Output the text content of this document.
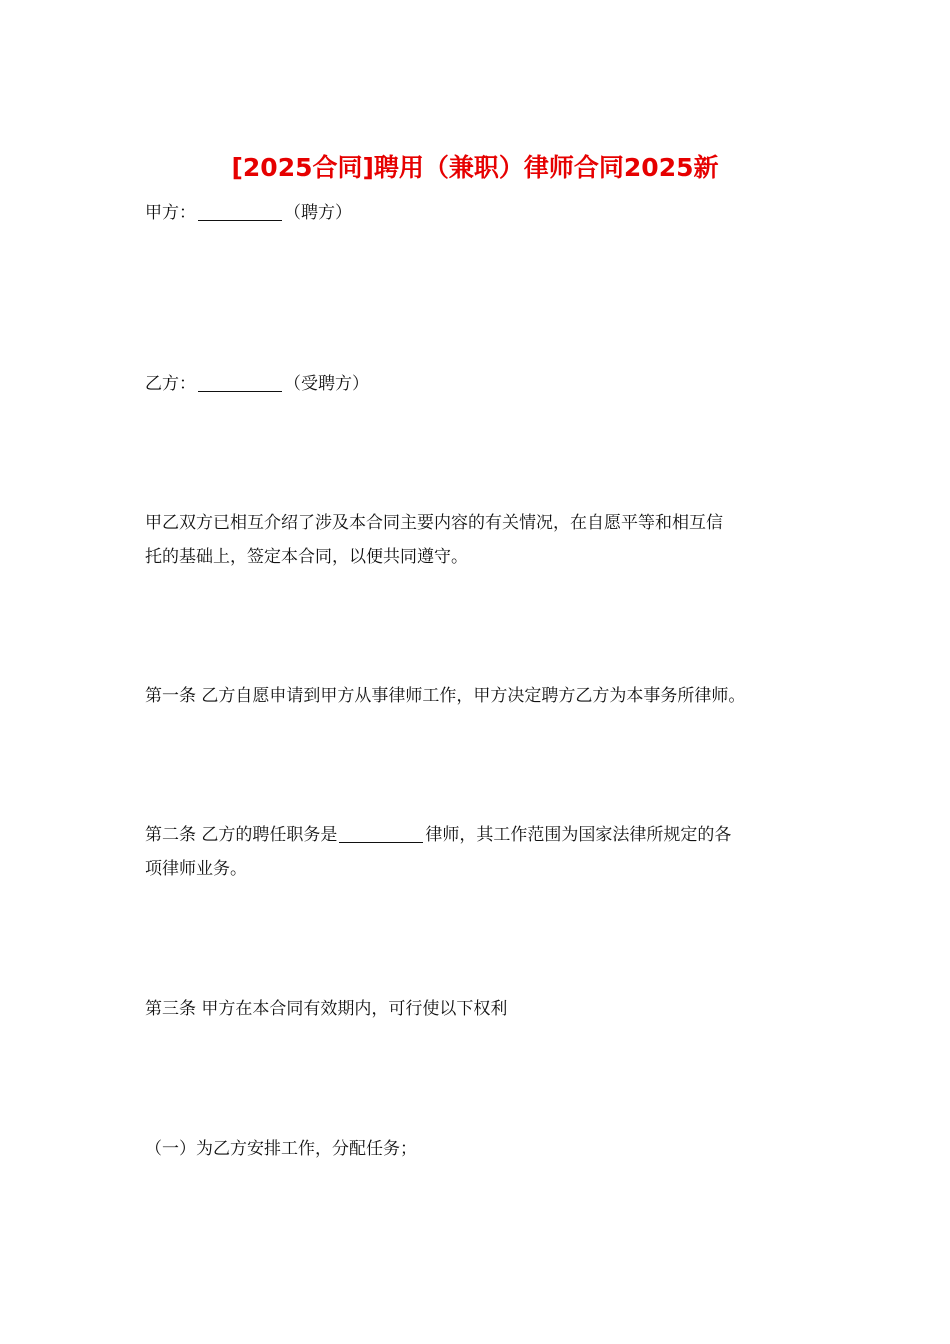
[2025合同]聘用（兼职）律师合同2025新

甲方：	（聘方）

乙方：	（受聘方）

甲乙双方已相互介绍了涉及本合同主要内容的有关情况，在自愿平等和相互信
托的基础上，签定本合同，以便共同遵守。

第一条 乙方自愿申请到甲方从事律师工作，甲方决定聘方乙方为本事务所律师。

第二条 乙方的聘任职务是	律师，其工作范围为国家法律所规定的各
项律师业务。

第三条 甲方在本合同有效期内，可行使以下权利

（一）为乙方安排工作，分配任务；
